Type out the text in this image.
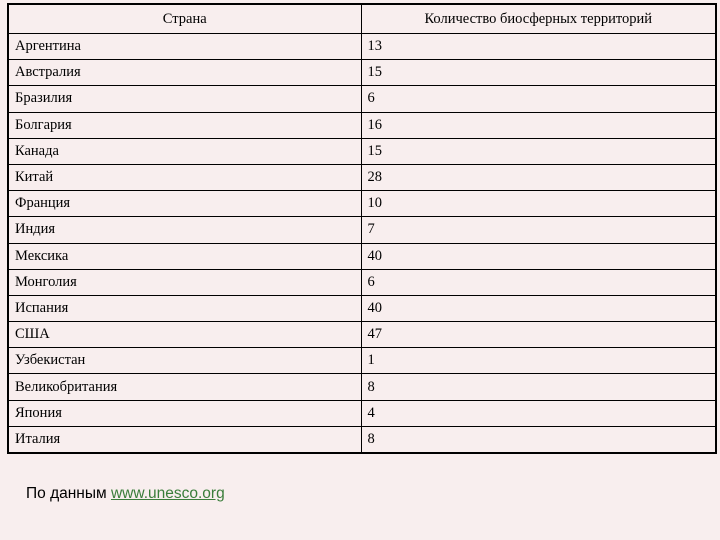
Страна	Количество биосферных территорий
Аргентина	13
Австралия	15
Бразилия	6
Болгария	16
Канада	15
Китай	28
Франция	10
Индия	7
Мексика	40
Монголия	6
Испания	40
США	47
Узбекистан	1
Великобритания	8
Япония	4
Италия	8
По данным www.unesco.org
